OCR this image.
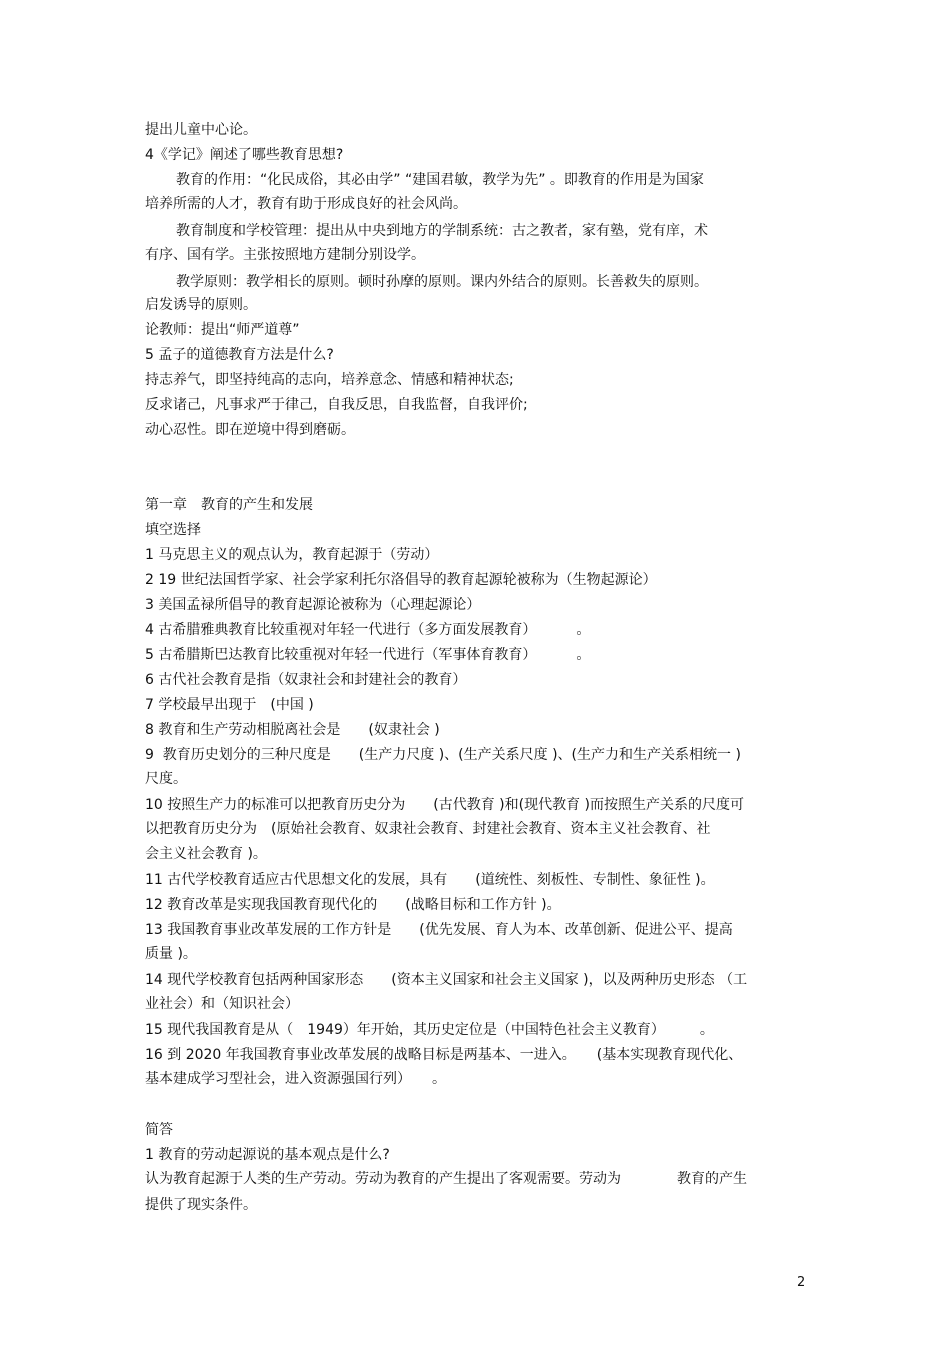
提出儿童中心论。

4《学记》阐述了哪些教育思想?

教育的作用：“化民成俗，其必由学” “建国君敏，教学为先” 。即教育的作用是为国家

培养所需的人才，教育有助于形成良好的社会风尚。

教育制度和学校管理：提出从中央到地方的学制系统：古之教者，家有塾，党有庠，术

有序、国有学。主张按照地方建制分别设学。

教学原则：教学相长的原则。顿时孙摩的原则。课内外结合的原则。长善救失的原则。

启发诱导的原则。

论教师：提出“师严道尊”

5 孟子的道德教育方法是什么?

持志养气，即坚持纯高的志向，培养意念、情感和精神状态;

反求诸己，凡事求严于律己，自我反思，自我监督，自我评价;

动心忍性。即在逆境中得到磨砺。

第一章　教育的产生和发展

填空选择

1 马克思主义的观点认为，教育起源于（劳动）

2 19 世纪法国哲学家、社会学家利托尔洛倡导的教育起源轮被称为（生物起源论）

3 美国孟禄所倡导的教育起源论被称为（心理起源论）

4 古希腊雅典教育比较重视对年轻一代进行（多方面发展教育）         。

5 古希腊斯巴达教育比较重视对年轻一代进行（军事体育教育）         。

6 古代社会教育是指（奴隶社会和封建社会的教育）

7 学校最早出现于　(中国 )

8 教育和生产劳动相脱离社会是　　(奴隶社会 )

9  教育历史划分的三种尺度是　　(生产力尺度 )、(生产关系尺度 )、(生产力和生产关系相统一 )

尺度。

10 按照生产力的标准可以把教育历史分为　　(古代教育 )和(现代教育 )而按照生产关系的尺度可

以把教育历史分为　(原始社会教育、奴隶社会教育、封建社会教育、资本主义社会教育、社

会主义社会教育 )。

11 古代学校教育适应古代思想文化的发展，具有　　(道统性、刻板性、专制性、象征性 )。

12 教育改革是实现我国教育现代化的　　(战略目标和工作方针 )。

13 我国教育事业改革发展的工作方针是　　(优先发展、育人为本、改革创新、促进公平、提高

质量 )。

14 现代学校教育包括两种国家形态　　(资本主义国家和社会主义国家 )，以及两种历史形态 （工

业社会）和（知识社会）

15 现代我国教育是从（　1949）年开始，其历史定位是（中国特色社会主义教育）　　　。

16 到 2020 年我国教育事业改革发展的战略目标是两基本、一进入。　　(基本实现教育现代化、

基本建成学习型社会，进入资源强国行列）　　。

简答

1 教育的劳动起源说的基本观点是什么?

认为教育起源于人类的生产劳动。劳动为教育的产生提出了客观需要。劳动为　　　　教育的产生

提供了现实条件。

2
